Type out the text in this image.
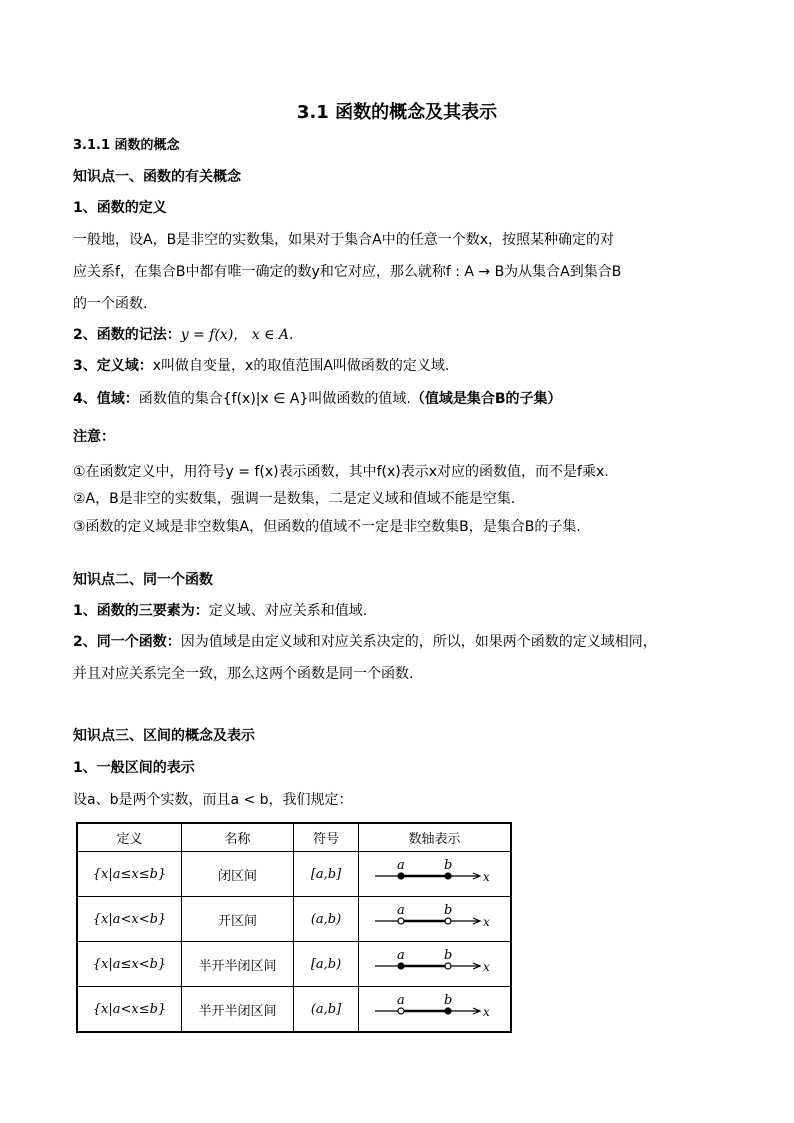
3.1 函数的概念及其表示
3.1.1 函数的概念
知识点一、函数的有关概念
1、函数的定义
一般地，设A，B是非空的实数集，如果对于集合A中的任意一个数x，按照某种确定的对
应关系f，在集合B中都有唯一确定的数y和它对应，那么就称f : A → B为从集合A到集合B
的一个函数.
2、函数的记法：y = f(x)， x ∈ A.
3、定义域：x叫做自变量，x的取值范围A叫做函数的定义域.
4、值域：函数值的集合{f(x)|x ∈ A}叫做函数的值域.（值域是集合B的子集）
注意：
①在函数定义中，用符号y = f(x)表示函数，其中f(x)表示x对应的函数值，而不是f乘x.
②A，B是非空的实数集，强调一是数集，二是定义域和值域不能是空集.
③函数的定义域是非空数集A，但函数的值域不一定是非空数集B，是集合B的子集.
知识点二、同一个函数
1、函数的三要素为：定义域、对应关系和值域.
2、同一个函数：因为值域是由定义域和对应关系决定的，所以，如果两个函数的定义域相同，
并且对应关系完全一致，那么这两个函数是同一个函数.
知识点三、区间的概念及表示
1、一般区间的表示
设a、b是两个实数，而且a < b，我们规定：
定义	名称	符号	数轴表示
{x|a≤x≤b}	闭区间	[a,b]	a b
x

{x|a<x<b}	开区间	(a,b)	a b
x

{x|a≤x<b}	半开半闭区间	[a,b)	a b
x

{x|a<x≤b}	半开半闭区间	(a,b]	a b
x
